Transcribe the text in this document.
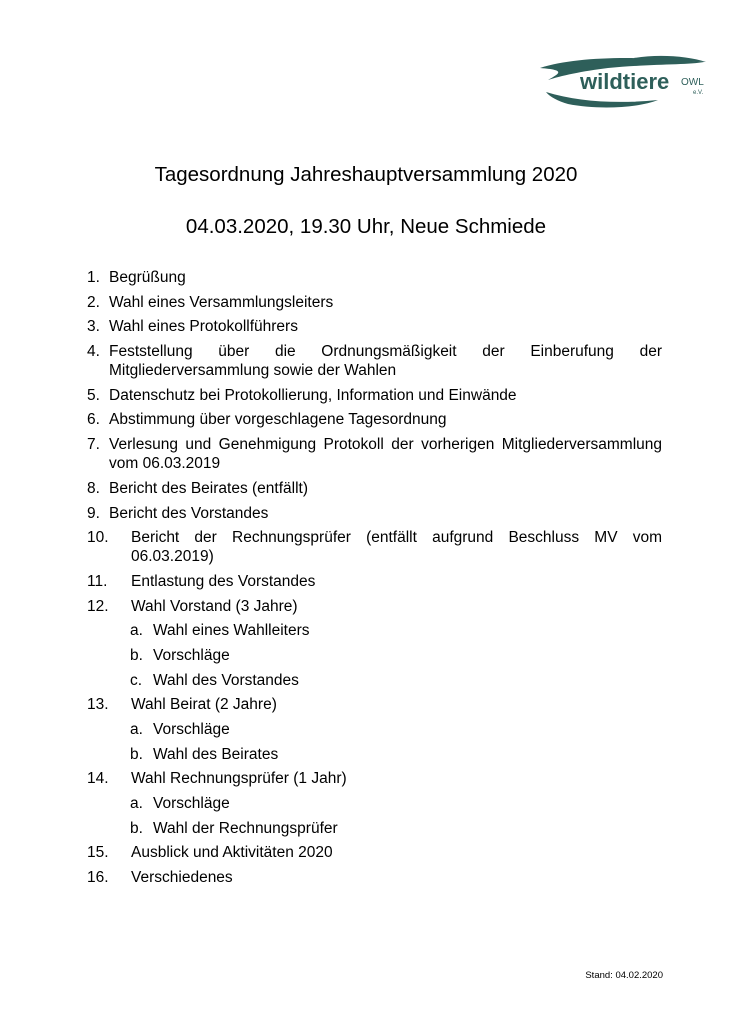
wildtiere OWL
e.V.
Tagesordnung Jahreshauptversammlung 2020
04.03.2020, 19.30 Uhr, Neue Schmiede
1. Begrüßung
2. Wahl eines Versammlungsleiters
3. Wahl eines Protokollführers
4. Feststellung über die Ordnungsmäßigkeit der Einberufung der Mitgliederversammlung sowie der Wahlen
5. Datenschutz bei Protokollierung, Information und Einwände
6. Abstimmung über vorgeschlagene Tagesordnung
7. Verlesung und Genehmigung Protokoll der vorherigen Mitgliederversammlung vom 06.03.2019
8. Bericht des Beirates (entfällt)
9. Bericht des Vorstandes
10.	Bericht der Rechnungsprüfer (entfällt aufgrund Beschluss MV vom 06.03.2019)
11.	Entlastung des Vorstandes
12.	Wahl Vorstand (3 Jahre)
a. Wahl eines Wahlleiters
b. Vorschläge
c. Wahl des Vorstandes
13.	Wahl Beirat (2 Jahre)
a. Vorschläge
b. Wahl des Beirates
14.	Wahl Rechnungsprüfer (1 Jahr)
a. Vorschläge
b. Wahl der Rechnungsprüfer
15.	Ausblick und Aktivitäten 2020
16.	Verschiedenes
Stand: 04.02.2020
